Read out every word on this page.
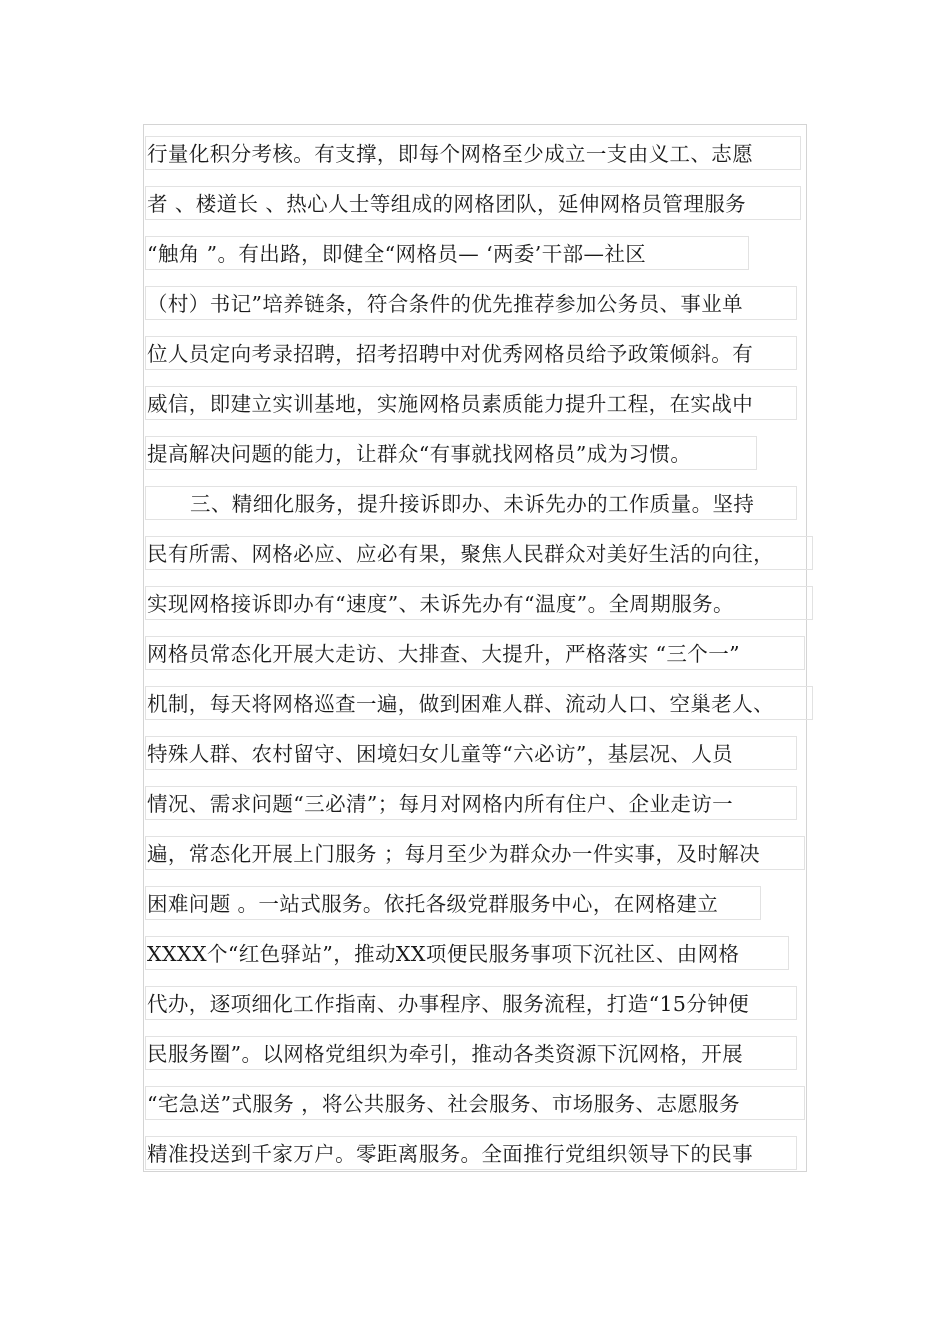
行量化积分考核。有支撑，即每个网格至少成立一支由义工、志愿
者 、楼道长 、热心人士等组成的网格团队，延伸网格员管理服务
“触角 ”。有出路，即健全“网格员— ‘两委’干部—社区
（村）书记”培养链条，符合条件的优先推荐参加公务员、事业单
位人员定向考录招聘，招考招聘中对优秀网格员给予政策倾斜。有
威信，即建立实训基地，实施网格员素质能力提升工程，在实战中
提高解决问题的能力，让群众“有事就找网格员”成为习惯。
三、精细化服务，提升接诉即办、未诉先办的工作质量。坚持
民有所需、网格必应、应必有果，聚焦人民群众对美好生活的向往，
实现网格接诉即办有“速度”、未诉先办有“温度”。全周期服务。
网格员常态化开展大走访、大排查、大提升，严格落实 “三个一”
机制，每天将网格巡查一遍，做到困难人群、流动人口、空巢老人、
特殊人群、农村留守、困境妇女儿童等“六必访”，基层况、人员
情况、需求问题“三必清”；每月对网格内所有住户、企业走访一
遍，常态化开展上门服务 ；每月至少为群众办一件实事，及时解决
困难问题 。一站式服务。依托各级党群服务中心，在网格建立
XXXX个“红色驿站”，推动XX项便民服务事项下沉社区、由网格
代办，逐项细化工作指南、办事程序、服务流程，打造“15分钟便
民服务圈”。以网格党组织为牵引，推动各类资源下沉网格，开展
“宅急送”式服务 ，将公共服务、社会服务、市场服务、志愿服务
精准投送到千家万户。零距离服务。全面推行党组织领导下的民事
